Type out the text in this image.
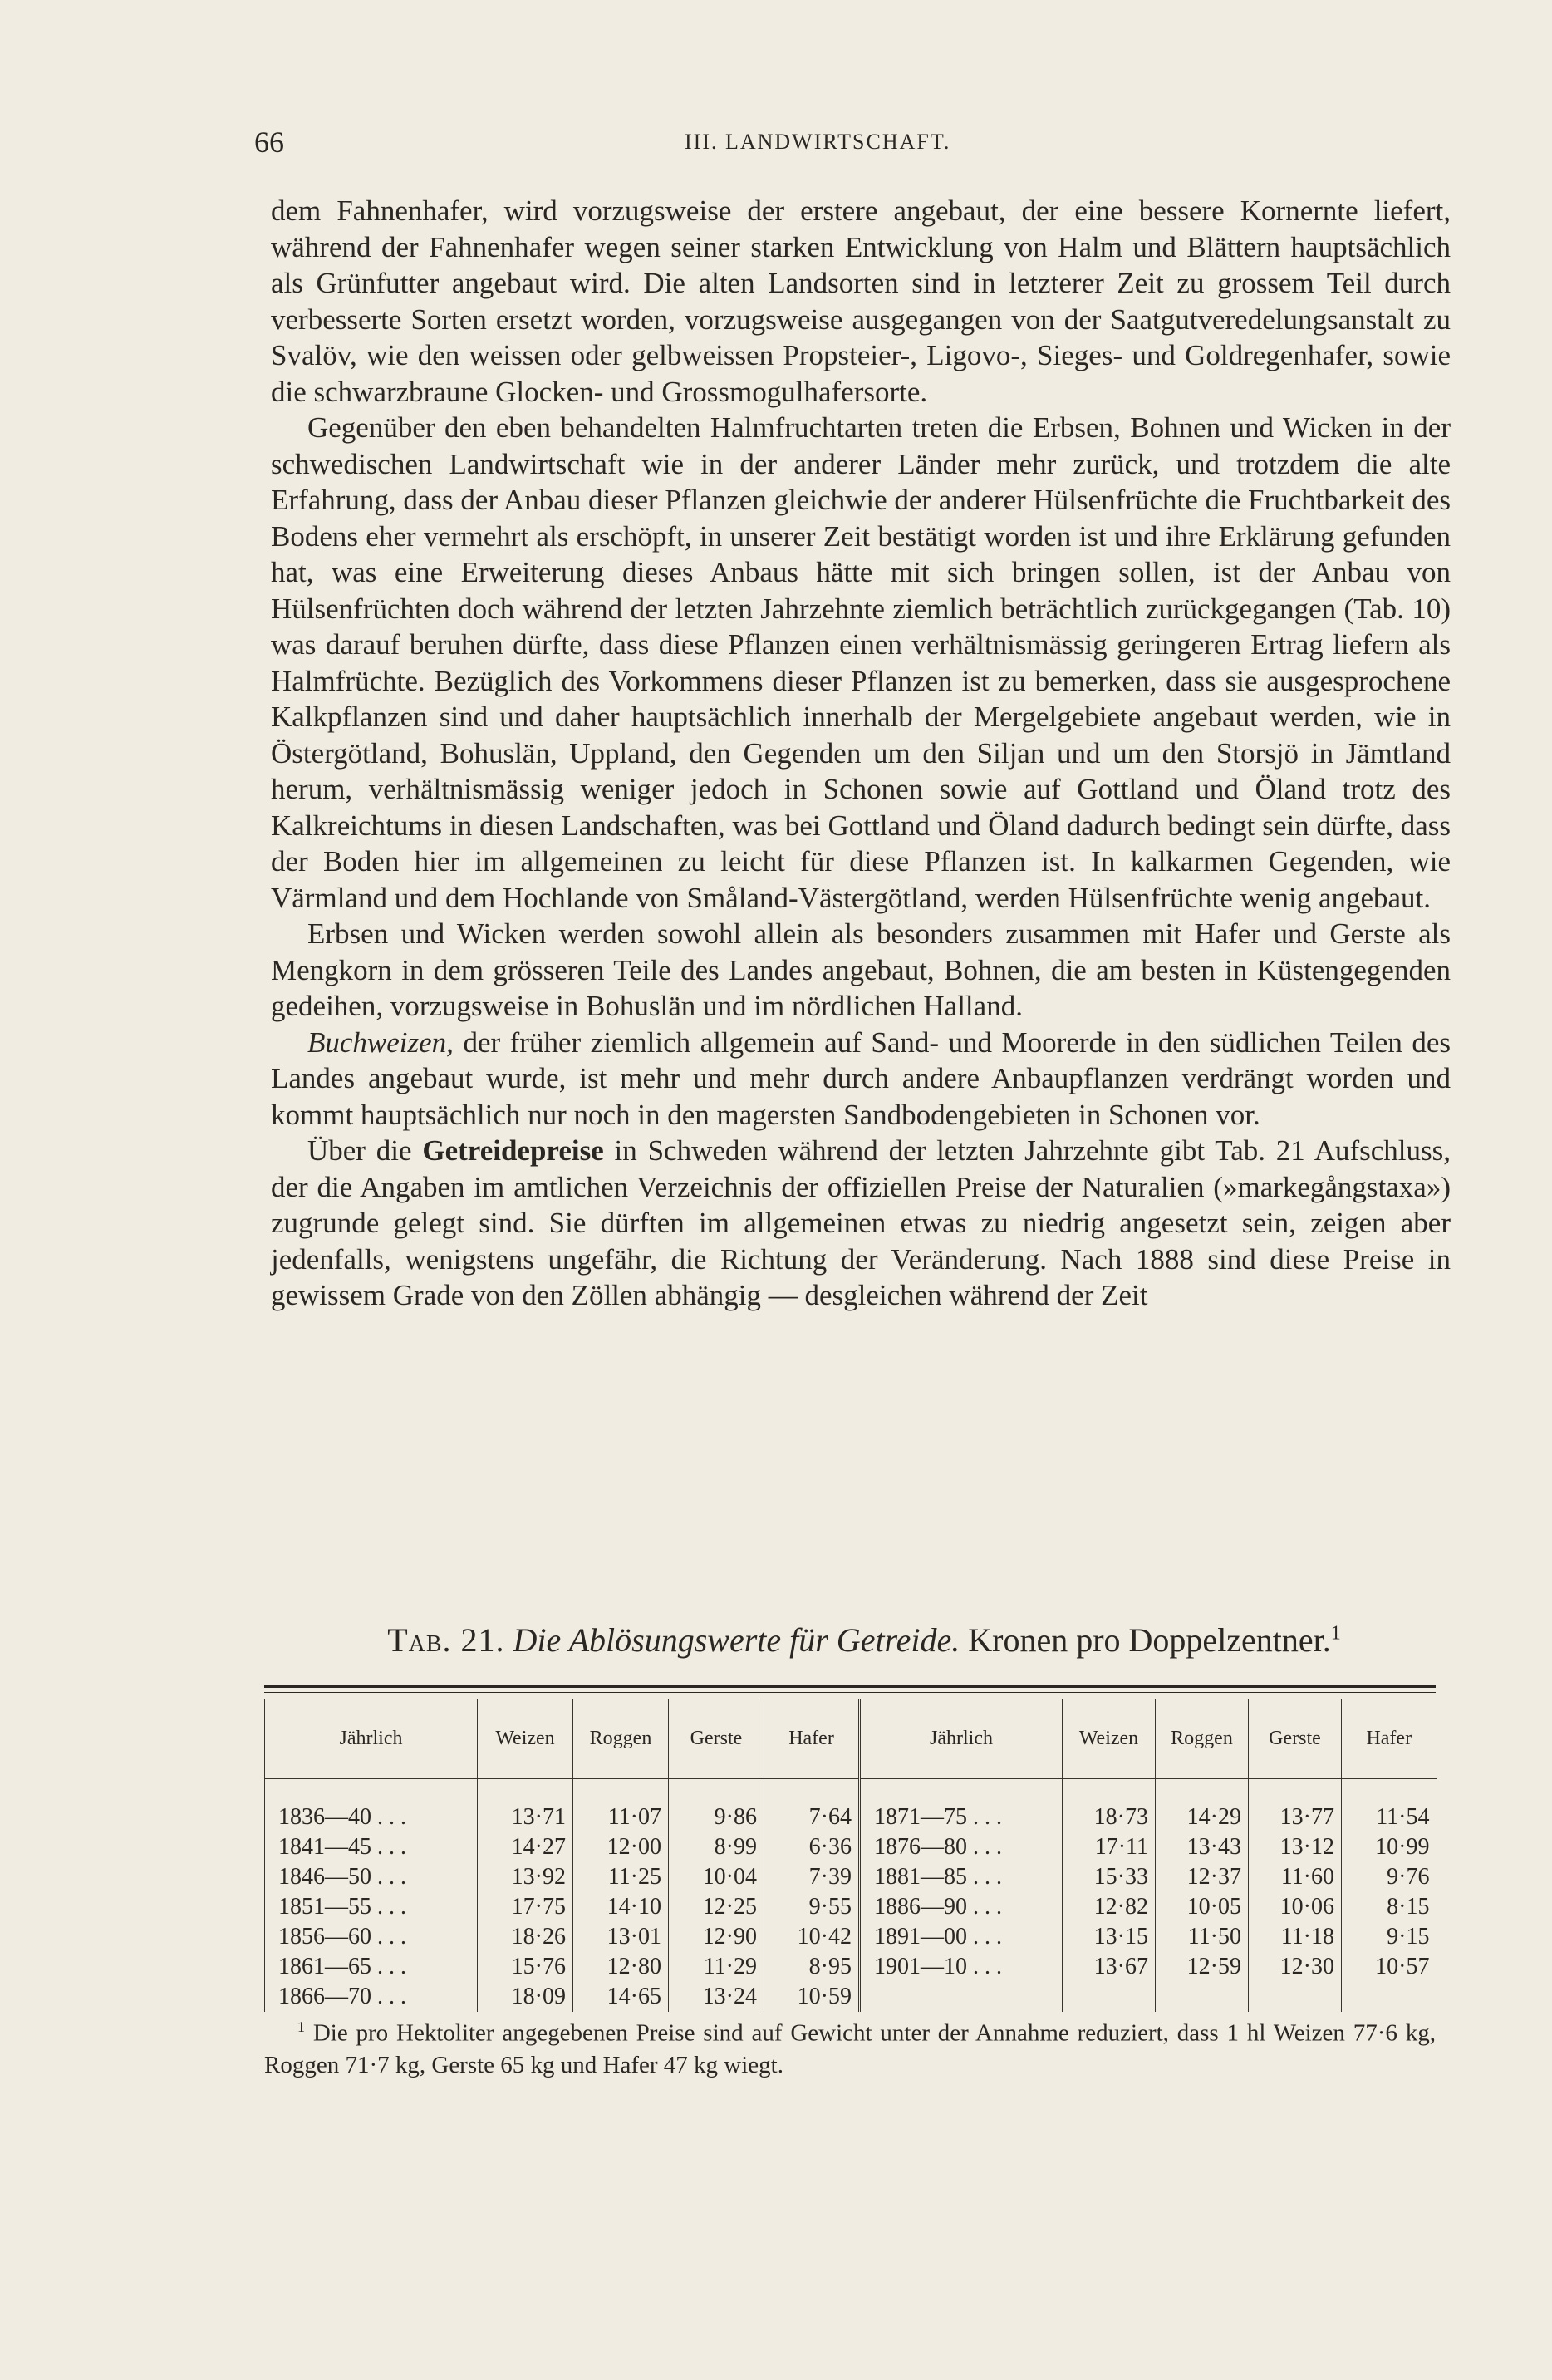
66	III. LANDWIRTSCHAFT.

dem Fahnenhafer, wird vorzugsweise der erstere angebaut, der eine bessere Kornernte liefert, während der Fahnenhafer wegen seiner starken Entwicklung von Halm und Blättern hauptsächlich als Grünfutter angebaut wird. Die alten Landsorten sind in letzterer Zeit zu grossem Teil durch verbesserte Sorten ersetzt worden, vorzugsweise ausgegangen von der Saatgutveredelungsanstalt zu Svalöv, wie den weissen oder gelbweissen Propsteier-, Ligovo-, Sieges- und Goldregenhafer, sowie die schwarzbraune Glocken- und Grossmogulhafersorte.

Gegenüber den eben behandelten Halmfruchtarten treten die Erbsen, Bohnen und Wicken in der schwedischen Landwirtschaft wie in der anderer Länder mehr zurück, und trotzdem die alte Erfahrung, dass der Anbau dieser Pflanzen gleichwie der anderer Hülsenfrüchte die Fruchtbarkeit des Bodens eher vermehrt als erschöpft, in unserer Zeit bestätigt worden ist und ihre Erklärung gefunden hat, was eine Erweiterung dieses Anbaus hätte mit sich bringen sollen, ist der Anbau von Hülsenfrüchten doch während der letzten Jahrzehnte ziemlich beträchtlich zurückgegangen (Tab. 10) was darauf beruhen dürfte, dass diese Pflanzen einen verhältnismässig geringeren Ertrag liefern als Halmfrüchte. Bezüglich des Vorkommens dieser Pflanzen ist zu bemerken, dass sie ausgesprochene Kalkpflanzen sind und daher hauptsächlich innerhalb der Mergelgebiete angebaut werden, wie in Östergötland, Bohuslän, Uppland, den Gegenden um den Siljan und um den Storsjö in Jämtland herum, verhältnismässig weniger jedoch in Schonen sowie auf Gottland und Öland trotz des Kalkreichtums in diesen Landschaften, was bei Gottland und Öland dadurch bedingt sein dürfte, dass der Boden hier im allgemeinen zu leicht für diese Pflanzen ist. In kalkarmen Gegenden, wie Värmland und dem Hochlande von Småland-Västergötland, werden Hülsenfrüchte wenig angebaut.

Erbsen und Wicken werden sowohl allein als besonders zusammen mit Hafer und Gerste als Mengkorn in dem grösseren Teile des Landes angebaut, Bohnen, die am besten in Küstengegenden gedeihen, vorzugsweise in Bohuslän und im nördlichen Halland.

Buchweizen, der früher ziemlich allgemein auf Sand- und Moorerde in den südlichen Teilen des Landes angebaut wurde, ist mehr und mehr durch andere Anbaupflanzen verdrängt worden und kommt hauptsächlich nur noch in den magersten Sandbodengebieten in Schonen vor.

Über die Getreidepreise in Schweden während der letzten Jahrzehnte gibt Tab. 21 Aufschluss, der die Angaben im amtlichen Verzeichnis der offiziellen Preise der Naturalien (»markegångstaxa») zugrunde gelegt sind. Sie dürften im allgemeinen etwas zu niedrig angesetzt sein, zeigen aber jedenfalls, wenigstens ungefähr, die Richtung der Veränderung. Nach 1888 sind diese Preise in gewissem Grade von den Zöllen abhängig — desgleichen während der Zeit

Tab. 21. Die Ablösungswerte für Getreide. Kronen pro Doppelzentner.$^1$
Jährlich	Weizen	Roggen	Gerste	Hafer	Jährlich	Weizen	Roggen	Gerste	Hafer
1836—40 . . .	13·71	11·07	9·86	7·64	1871—75 . . .	18·73	14·29	13·77	11·54
1841—45 . . .	14·27	12·00	8·99	6·36	1876—80 . . .	17·11	13·43	13·12	10·99
1846—50 . . .	13·92	11·25	10·04	7·39	1881—85 . . .	15·33	12·37	11·60	9·76
1851—55 . . .	17·75	14·10	12·25	9·55	1886—90 . . .	12·82	10·05	10·06	8·15
1856—60 . . .	18·26	13·01	12·90	10·42	1891—00 . . .	13·15	11·50	11·18	9·15
1861—65 . . .	15·76	12·80	11·29	8·95	1901—10 . . .	13·67	12·59	12·30	10·57
1866—70 . . .	18·09	14·65	13·24	10·59					

$^1$ Die pro Hektoliter angegebenen Preise sind auf Gewicht unter der Annahme reduziert, dass 1 hl Weizen 77·6 kg, Roggen 71·7 kg, Gerste 65 kg und Hafer 47 kg wiegt.
